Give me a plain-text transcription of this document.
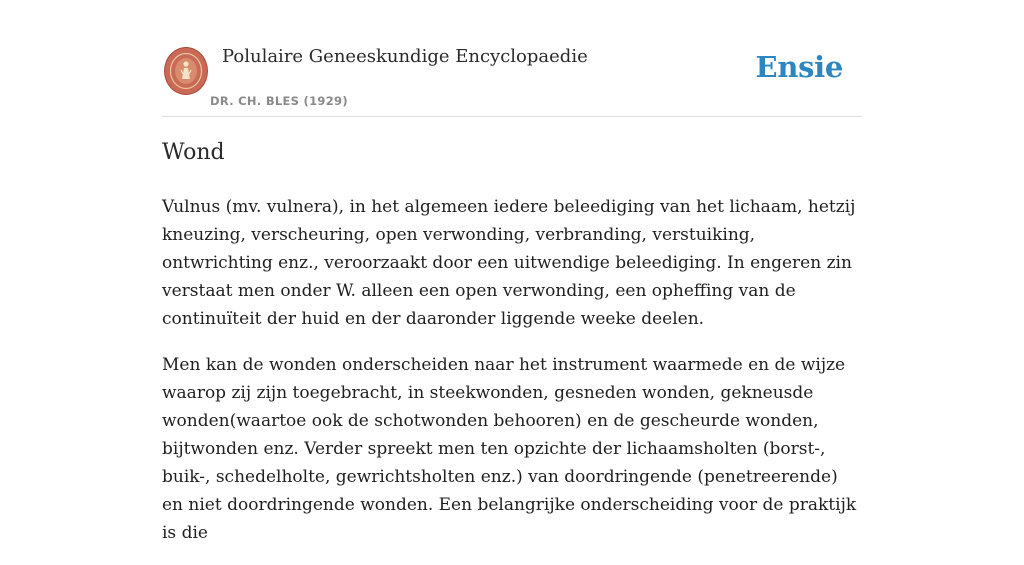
Polulaire Geneeskundige Encyclopaedie
DR. CH. BLES (1929)
Ensie
Wond

Vulnus (mv. vulnera), in het algemeen iedere beleediging van het lichaam, hetzij kneuzing, verscheuring, open verwonding, verbranding, verstuiking, ontwrichting enz., veroorzaakt door een uitwendige beleediging. In engeren zin verstaat men onder W. alleen een open verwonding, een opheffing van de continuïteit der huid en der daaronder liggende weeke deelen.

Men kan de wonden onderscheiden naar het instrument waarmede en de wijze waarop zij zijn toegebracht, in steekwonden, gesneden wonden, gekneusde wonden(waartoe ook de schotwonden behooren) en de gescheurde wonden, bijtwonden enz. Verder spreekt men ten opzichte der lichaamsholten (borst-, buik-, schedelholte, gewrichtsholten enz.) van doordringende (penetreerende) en niet doordringende wonden. Een belangrijke onderscheiding voor de praktijk is die
